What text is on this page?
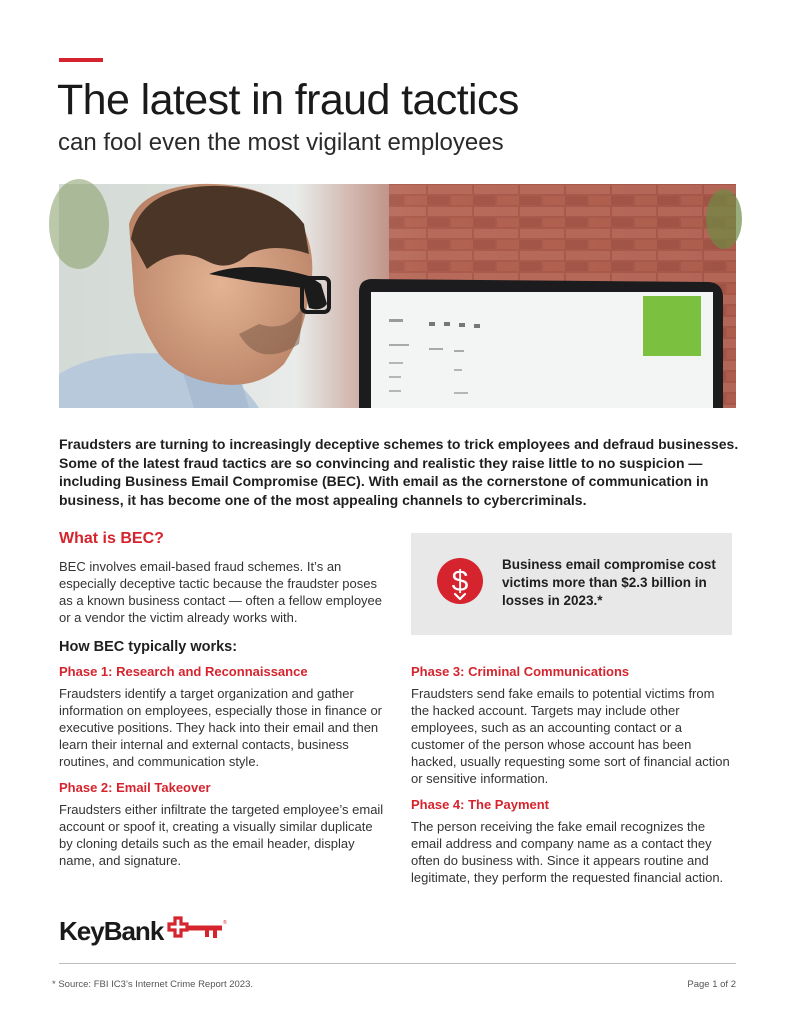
The latest in fraud tactics
can fool even the most vigilant employees

Fraudsters are turning to increasingly deceptive schemes to trick employees and defraud businesses. Some of the latest fraud tactics are so convincing and realistic they raise little to no suspicion — including Business Email Compromise (BEC). With email as the cornerstone of communication in business, it has become one of the most appealing channels to cybercriminals.

What is BEC?

BEC involves email-based fraud schemes. It’s an especially deceptive tactic because the fraudster poses as a known business contact — often a fellow employee or a vendor the victim already works with.

$

Business email compromise cost victims more than $2.3 billion in losses in 2023.*

How BEC typically works:
Phase 1: Research and Reconnaissance

Fraudsters identify a target organization and gather information on employees, especially those in finance or executive positions. They hack into their email and then learn their internal and external contacts, business routines, and communication style.

Phase 2: Email Takeover

Fraudsters either infiltrate the targeted employee’s email account or spoof it, creating a visually similar duplicate by cloning details such as the email header, display name, and signature.

Phase 3: Criminal Communications

Fraudsters send fake emails to potential victims from the hacked account. Targets may include other employees, such as an accounting contact or a customer of the person whose account has been hacked, usually requesting some sort of financial action or sensitive information.

Phase 4: The Payment

The person receiving the fake email recognizes the email address and company name as a contact they often do business with. Since it appears routine and legitimate, they perform the requested financial action.

KeyBank	®
* Source: FBI IC3’s Internet Crime Report 2023.	Page 1 of 2
